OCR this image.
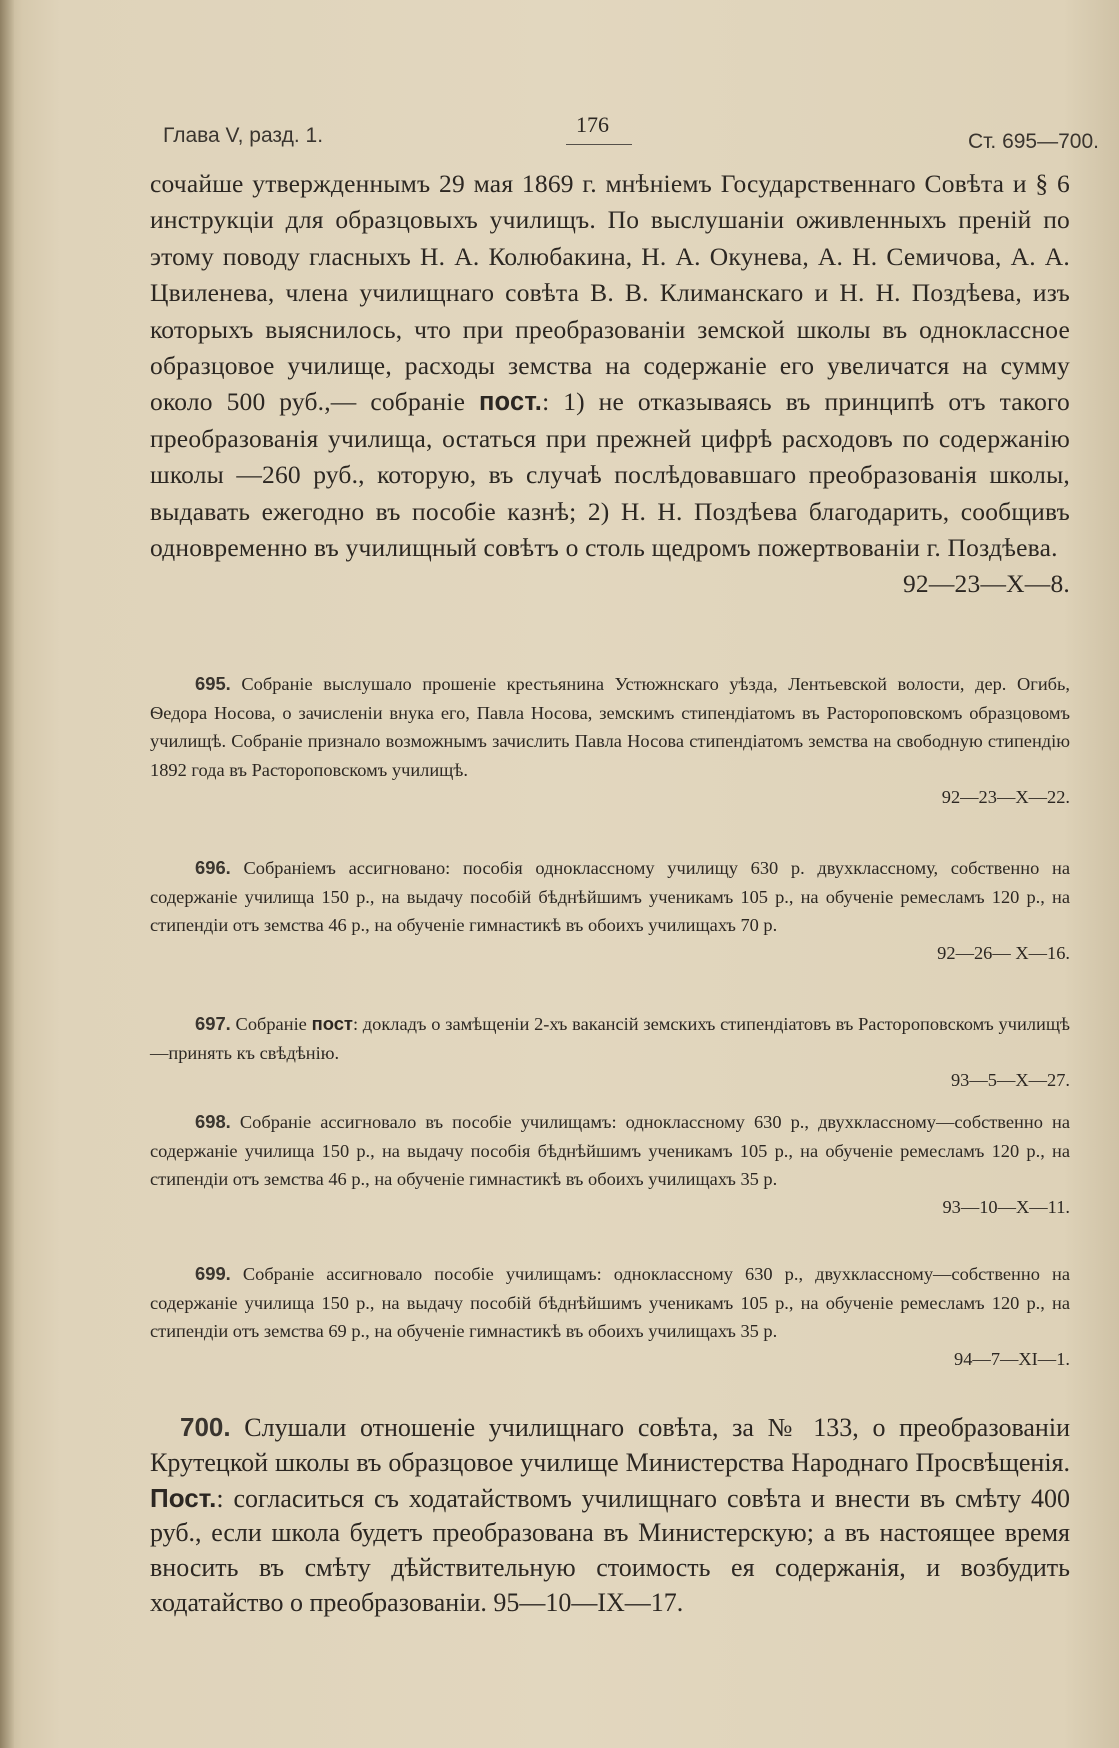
Глава V, разд. 1.	176
Ст. 695—700.
сочайше утвержденнымъ 29 мая 1869 г. мнѣніемъ Государственнаго Совѣта и § 6 инструкціи для образцовыхъ училищъ. По выслушаніи оживленныхъ преній по этому поводу гласныхъ Н. А. Колюбакина, Н. А. Окунева, А. Н. Семичова, А. А. Цвиленева, члена училищнаго совѣта В. В. Климанскаго и Н. Н. Поздѣева, изъ которыхъ выяснилось, что при преобразованіи земской школы въ одноклассное образцовое училище, расходы земства на содержаніе его увеличатся на сумму около 500 руб.,— собраніе пост.: 1) не отказываясь въ принципѣ отъ такого преобразованія училища, остаться при прежней цифрѣ расходовъ по содержанію школы —260 руб., которую, въ случаѣ послѣдовавшаго преобразованія школы, выдавать ежегодно въ пособіе казнѣ; 2) Н. Н. Поздѣева благодарить, сообщивъ одновременно въ училищный совѣтъ о столь щедромъ пожертвованіи г. Поздѣева.
92—23—X—8.
695. Собраніе выслушало прошеніе крестьянина Устюжнскаго уѣзда, Лентьевской волости, дер. Огибь, Ѳедора Носова, о зачисленіи внука его, Павла Носова, земскимъ стипендіатомъ въ Растороповскомъ образцовомъ училищѣ. Собраніе признало возможнымъ зачислить Павла Носова стипендіатомъ земства на свободную стипендію 1892 года въ Растороповскомъ училищѣ.
92—23—X—22.
696. Собраніемъ ассигновано: пособія одноклассному училищу 630 р. двухклассному, собственно на содержаніе училища 150 р., на выдачу пособій бѣднѣйшимъ ученикамъ 105 р., на обученіе ремесламъ 120 р., на стипендіи отъ земства 46 р., на обученіе гимнастикѣ въ обоихъ училищахъ 70 р.
92—26— X—16.
697. Собраніе пост: докладъ о замѣщеніи 2-хъ вакансій земскихъ стипендіатовъ въ Растороповскомъ училищѣ—принять къ свѣдѣнію.
93—5—X—27.
698. Собраніе ассигновало въ пособіе училищамъ: одноклассному 630 р., двухклассному—собственно на содержаніе училища 150 р., на выдачу пособія бѣднѣйшимъ ученикамъ 105 р., на обученіе ремесламъ 120 р., на стипендіи отъ земства 46 р., на обученіе гимнастикѣ въ обоихъ училищахъ 35 р.
93—10—X—11.
699. Собраніе ассигновало пособіе училищамъ: одноклассному 630 р., двухклассному—собственно на содержаніе училища 150 р., на выдачу пособій бѣднѣйшимъ ученикамъ 105 р., на обученіе ремесламъ 120 р., на стипендіи отъ земства 69 р., на обученіе гимнастикѣ въ обоихъ училищахъ 35 р.
94—7—XI—1.
700. Слушали отношеніе училищнаго совѣта, за № 133, о преобразованіи Крутецкой школы въ образцовое училище Министерства Народнаго Просвѣщенія. Пост.: согласиться съ ходатайствомъ училищнаго совѣта и внести въ смѣту 400 руб., если школа будетъ преобразована въ Министерскую; а въ настоящее время вносить въ смѣту дѣйствительную стоимость ея содержанія, и возбудить ходатайство о преобразованіи. 95—10—IX—17.
